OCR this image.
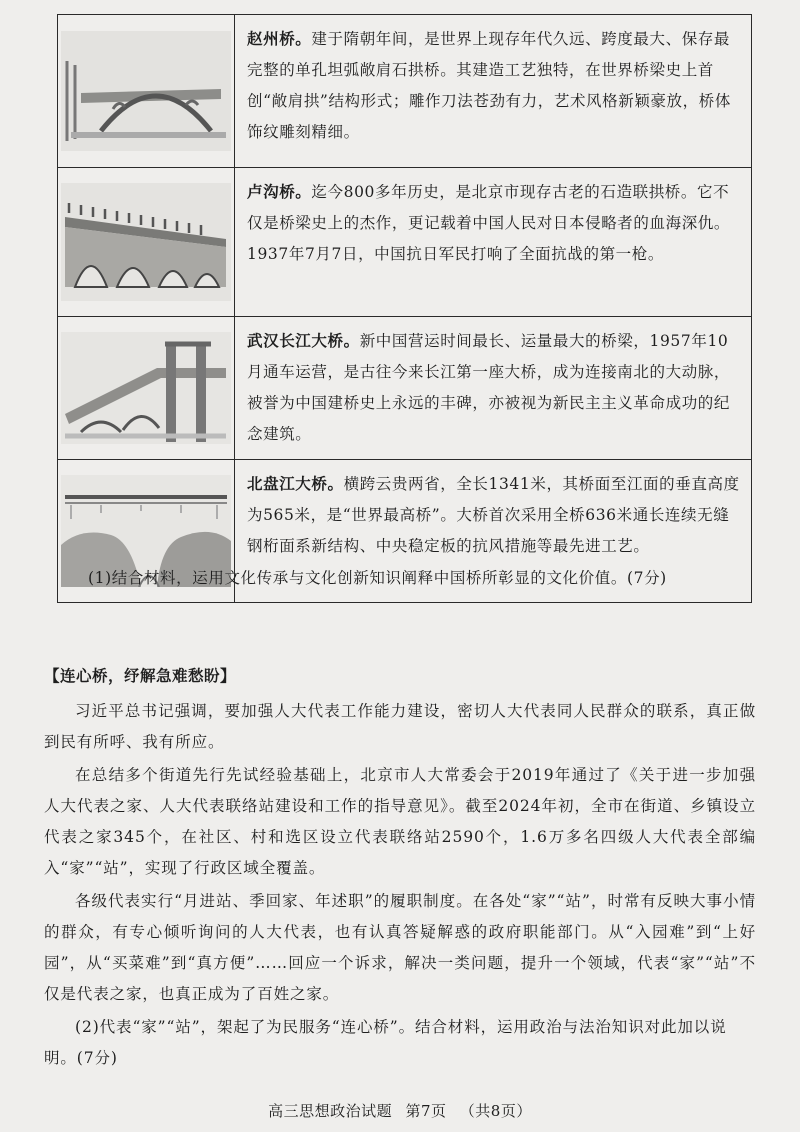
	赵州桥。建于隋朝年间，是世界上现存年代久远、跨度最大、保存最完整的单孔坦弧敞肩石拱桥。其建造工艺独特，在世界桥梁史上首创“敞肩拱”结构形式；雕作刀法苍劲有力，艺术风格新颖豪放，桥体饰纹雕刻精细。

	卢沟桥。迄今800多年历史，是北京市现存古老的石造联拱桥。它不仅是桥梁史上的杰作，更记载着中国人民对日本侵略者的血海深仇。1937年7月7日，中国抗日军民打响了全面抗战的第一枪。

	武汉长江大桥。新中国营运时间最长、运量最大的桥梁，1957年10月通车运营，是古往今来长江第一座大桥，成为连接南北的大动脉，被誉为中国建桥史上永远的丰碑，亦被视为新民主主义革命成功的纪念建筑。

	北盘江大桥。横跨云贵两省，全长1341米，其桥面至江面的垂直高度为565米，是“世界最高桥”。大桥首次采用全桥636米通长连续无缝钢桁面系新结构、中央稳定板的抗风措施等最先进工艺。
(1)结合材料，运用文化传承与文化创新知识阐释中国桥所彰显的文化价值。(7分)
【连心桥，纾解急难愁盼】

习近平总书记强调，要加强人大代表工作能力建设，密切人大代表同人民群众的联系，真正做到民有所呼、我有所应。

在总结多个街道先行先试经验基础上，北京市人大常委会于2019年通过了《关于进一步加强人大代表之家、人大代表联络站建设和工作的指导意见》。截至2024年初，全市在街道、乡镇设立代表之家345个，在社区、村和选区设立代表联络站2590个，1.6万多名四级人大代表全部编入“家”“站”，实现了行政区域全覆盖。

各级代表实行“月进站、季回家、年述职”的履职制度。在各处“家”“站”，时常有反映大事小情的群众，有专心倾听询问的人大代表，也有认真答疑解惑的政府职能部门。从“入园难”到“上好园”，从“买菜难”到“真方便”……回应一个诉求，解决一类问题，提升一个领域，代表“家”“站”不仅是代表之家，也真正成为了百姓之家。

(2)代表“家”“站”，架起了为民服务“连心桥”。结合材料，运用政治与法治知识对此加以说明。(7分)

高三思想政治试题 第7页 （共8页）
